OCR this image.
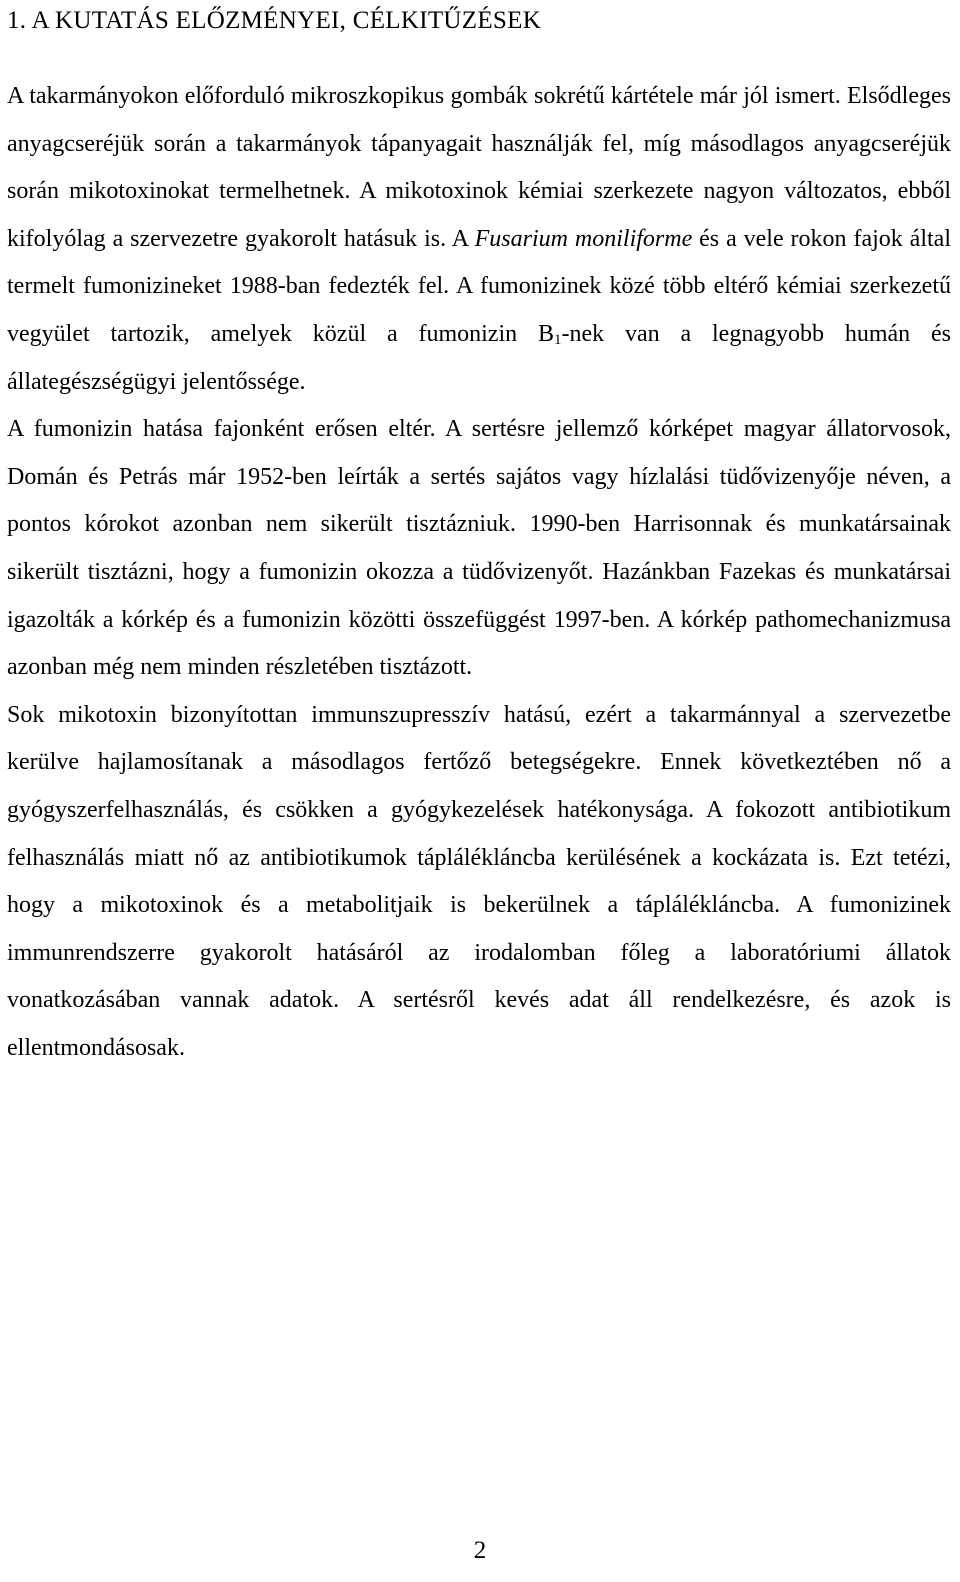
1. A KUTATÁS ELŐZMÉNYEI, CÉLKITŰZÉSEK

A takarmányokon előforduló mikroszkopikus gombák sokrétű kártétele már jól ismert. Elsődleges anyagcseréjük során a takarmányok tápanyagait használják fel, míg másodlagos anyagcseréjük során mikotoxinokat termelhetnek. A mikotoxinok kémiai szerkezete nagyon változatos, ebből kifolyólag a szervezetre gyakorolt hatásuk is. A Fusarium moniliforme és a vele rokon fajok által termelt fumonizineket 1988-ban fedezték fel. A fumonizinek közé több eltérő kémiai szerkezetű vegyület tartozik, amelyek közül a fumonizin $B_1$-nek van a legnagyobb humán és állategészségügyi jelentőssége.

A fumonizin hatása fajonként erősen eltér. A sertésre jellemző kórképet magyar állatorvosok, Domán és Petrás már 1952-ben leírták a sertés sajátos vagy hízlalási tüdővizenyője néven, a pontos kórokot azonban nem sikerült tisztázniuk. 1990-ben Harrisonnak és munkatársainak sikerült tisztázni, hogy a fumonizin okozza a tüdővizenyőt. Hazánkban Fazekas és munkatársai igazolták a kórkép és a fumonizin közötti összefüggést 1997-ben. A kórkép pathomechanizmusa azonban még nem minden részletében tisztázott.

Sok mikotoxin bizonyítottan immunszupresszív hatású, ezért a takarmánnyal a szervezetbe kerülve hajlamosítanak a másodlagos fertőző betegségekre. Ennek következtében nő a gyógyszerfelhasználás, és csökken a gyógykezelések hatékonysága. A fokozott antibiotikum felhasználás miatt nő az antibiotikumok táplálékláncba kerülésének a kockázata is. Ezt tetézi, hogy a mikotoxinok és a metabolitjaik is bekerülnek a táplálékláncba. A fumonizinek immunrendszerre gyakorolt hatásáról az irodalomban főleg a laboratóriumi állatok vonatkozásában vannak adatok. A sertésről kevés adat áll rendelkezésre, és azok is ellentmondásosak.

2
